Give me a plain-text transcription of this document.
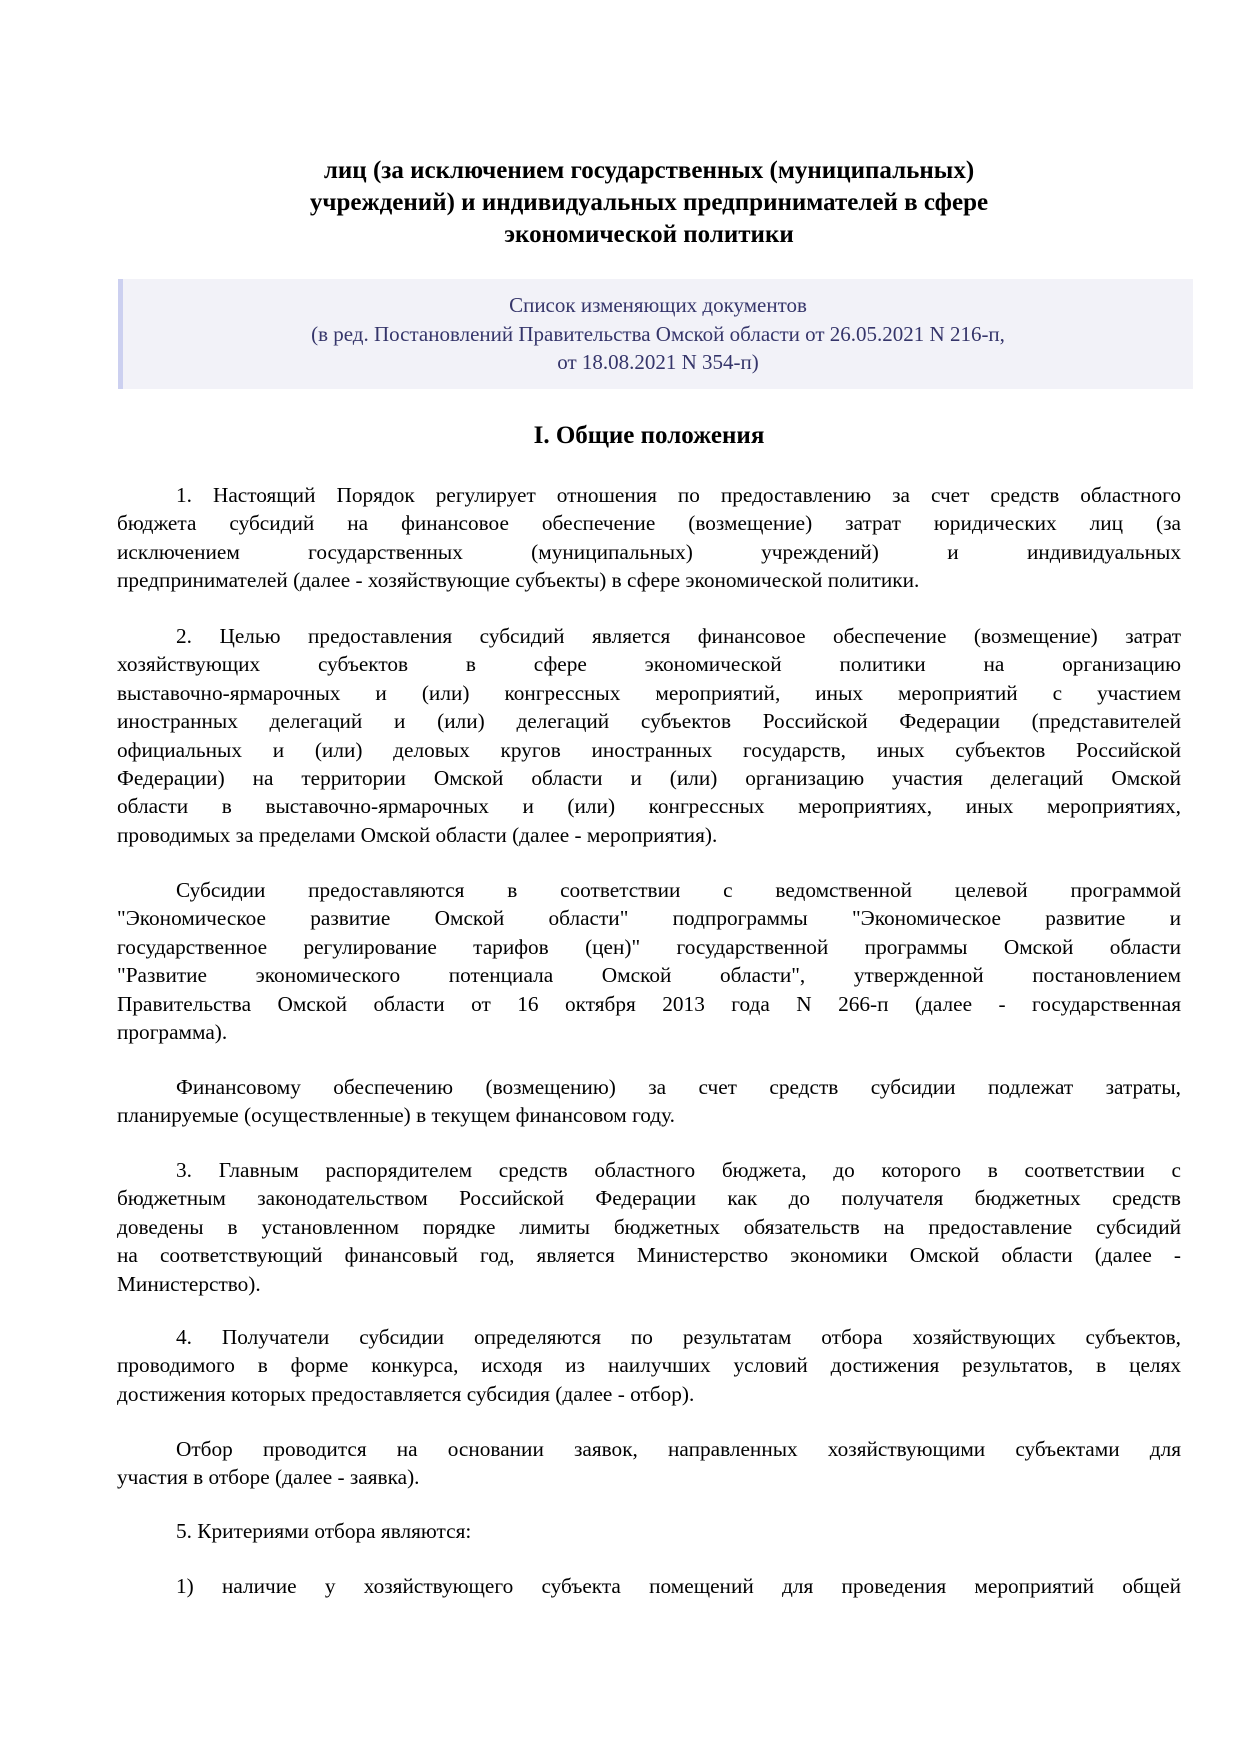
лиц (за исключением государственных (муниципальных)
учреждений) и индивидуальных предпринимателей в сфере
экономической политики
Список изменяющих документов
(в ред. Постановлений Правительства Омской области от 26.05.2021 N 216-п,
от 18.08.2021 N 354-п)
I. Общие положения
1. Настоящий Порядок регулирует отношения по предоставлению за счет средств областного
бюджета субсидий на финансовое обеспечение (возмещение) затрат юридических лиц (за
исключением государственных (муниципальных) учреждений) и индивидуальных
предпринимателей (далее - хозяйствующие субъекты) в сфере экономической политики.
2. Целью предоставления субсидий является финансовое обеспечение (возмещение) затрат
хозяйствующих субъектов в сфере экономической политики на организацию
выставочно-ярмарочных и (или) конгрессных мероприятий, иных мероприятий с участием
иностранных делегаций и (или) делегаций субъектов Российской Федерации (представителей
официальных и (или) деловых кругов иностранных государств, иных субъектов Российской
Федерации) на территории Омской области и (или) организацию участия делегаций Омской
области в выставочно-ярмарочных и (или) конгрессных мероприятиях, иных мероприятиях,
проводимых за пределами Омской области (далее - мероприятия).
Субсидии предоставляются в соответствии с ведомственной целевой программой
"Экономическое развитие Омской области" подпрограммы "Экономическое развитие и
государственное регулирование тарифов (цен)" государственной программы Омской области
"Развитие экономического потенциала Омской области", утвержденной постановлением
Правительства Омской области от 16 октября 2013 года N 266-п (далее - государственная
программа).
Финансовому обеспечению (возмещению) за счет средств субсидии подлежат затраты,
планируемые (осуществленные) в текущем финансовом году.
3. Главным распорядителем средств областного бюджета, до которого в соответствии с
бюджетным законодательством Российской Федерации как до получателя бюджетных средств
доведены в установленном порядке лимиты бюджетных обязательств на предоставление субсидий
на соответствующий финансовый год, является Министерство экономики Омской области (далее -
Министерство).
4. Получатели субсидии определяются по результатам отбора хозяйствующих субъектов,
проводимого в форме конкурса, исходя из наилучших условий достижения результатов, в целях
достижения которых предоставляется субсидия (далее - отбор).
Отбор проводится на основании заявок, направленных хозяйствующими субъектами для
участия в отборе (далее - заявка).
5. Критериями отбора являются:
1) наличие у хозяйствующего субъекта помещений для проведения мероприятий общей
